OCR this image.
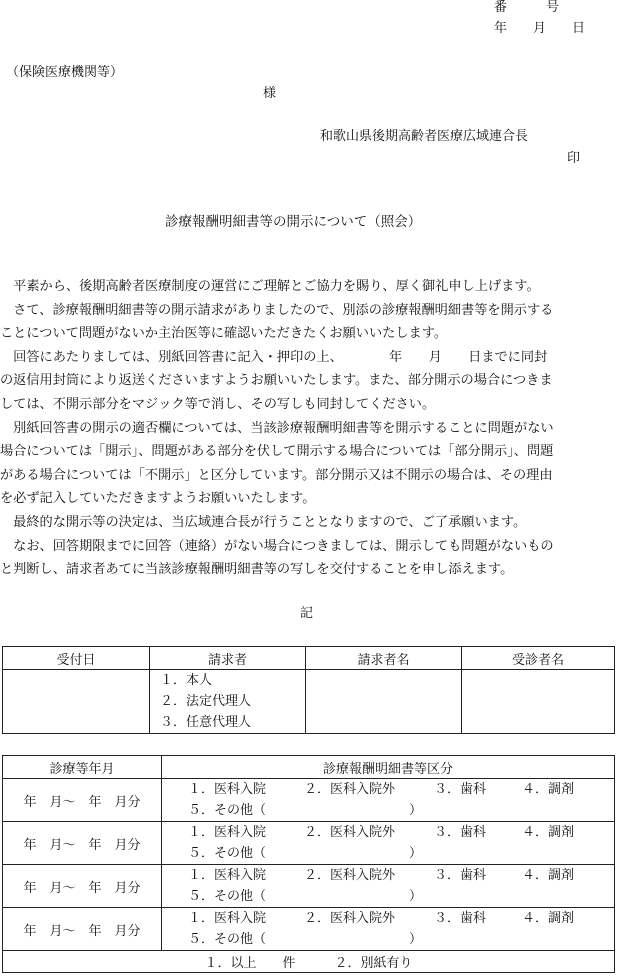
番　　　号
年　　月　　日
（保険医療機関等）
様
和歌山県後期高齢者医療広域連合長
印
診療報酬明細書等の開示について（照会）
　平素から、後期高齢者医療制度の運営にご理解とご協力を賜り、厚く御礼申し上げます。
　さて、診療報酬明細書等の開示請求がありましたので、別添の診療報酬明細書等を開示する
ことについて問題がないか主治医等に確認いただきたくお願いいたします。
　回答にあたりましては、別紙回答書に記入・押印の上、　　　　年　　月　　日までに同封
の返信用封筒により返送くださいますようお願いいたします。また、部分開示の場合につきま
しては、不開示部分をマジック等で消し、その写しも同封してください。
　別紙回答書の開示の適否欄については、当該診療報酬明細書等を開示することに問題がない
場合については「開示」、問題がある部分を伏して開示する場合については「部分開示」、問題
がある場合については「不開示」と区分しています。部分開示又は不開示の場合は、その理由
を必ず記入していただきますようお願いいたします。
　最終的な開示等の決定は、当広域連合長が行うこととなりますので、ご了承願います。
　なお、回答期限までに回答（連絡）がない場合につきましては、開示しても問題がないもの
と判断し、請求者あてに当該診療報酬明細書等の写しを交付することを申し添えます。
記
受付日	請求者	請求者名	受診者名

	１．本人
２．法定代理人
３．任意代理人		

診療等年月	診療報酬明細書等区分
年　月～　年　月分	１．医科入院 ２．医科入院外 ３．歯科 ４．調剤
５．その他（　　　　　　　　　　　）

年　月～　年　月分	１．医科入院 ２．医科入院外 ３．歯科 ４．調剤
５．その他（　　　　　　　　　　　）

年　月～　年　月分	１．医科入院 ２．医科入院外 ３．歯科 ４．調剤
５．その他（　　　　　　　　　　　）

年　月～　年　月分	１．医科入院 ２．医科入院外 ３．歯科 ４．調剤
５．その他（　　　　　　　　　　　）

１．以上　　件　　　２．別紙有り	
